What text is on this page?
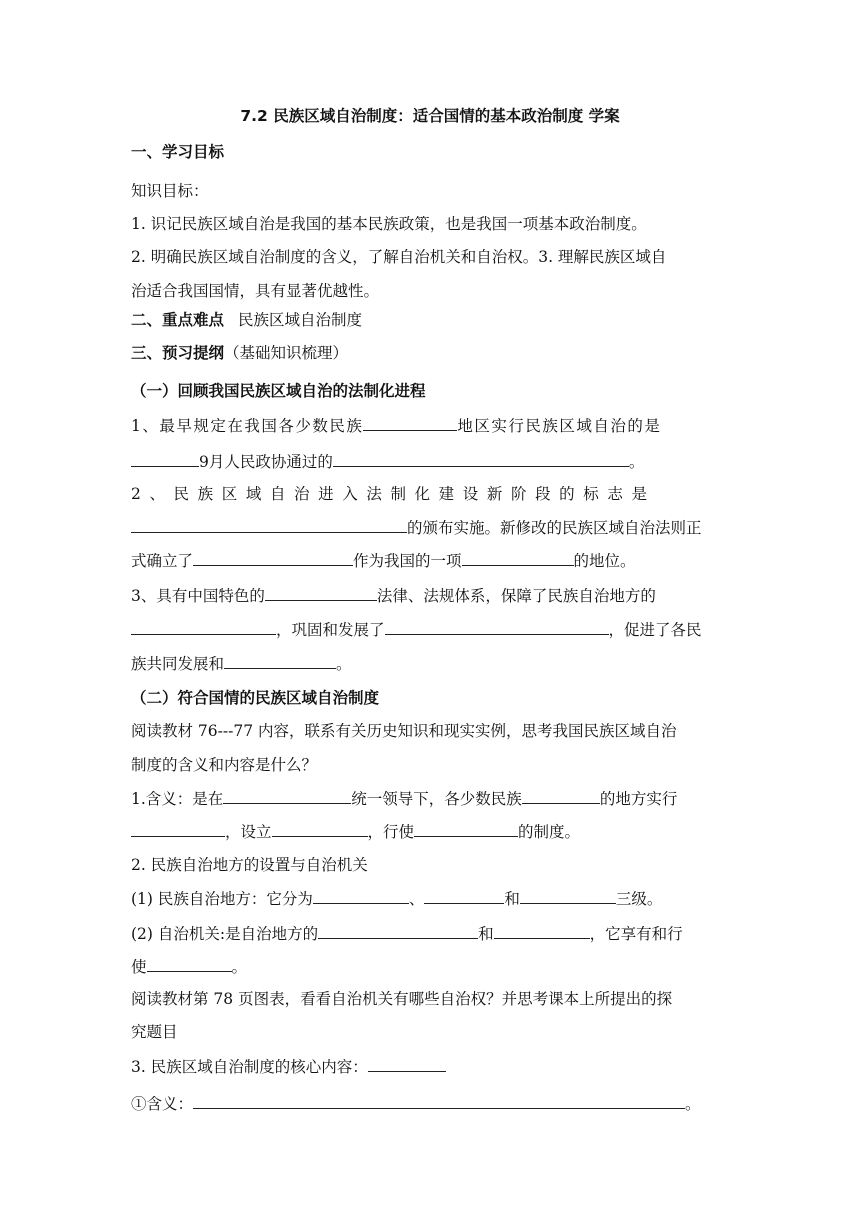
7.2 民族区域自治制度：适合国情的基本政治制度 学案
一、学习目标
知识目标：
1. 识记民族区域自治是我国的基本民族政策，也是我国一项基本政治制度。
2. 明确民族区域自治制度的含义，了解自治机关和自治权。3. 理解民族区域自
治适合我国国情，具有显著优越性。
二、重点难点 民族区域自治制度
三、预习提纲（基础知识梳理）
（一）回顾我国民族区域自治的法制化进程
1、最早规定在我国各少数民族	地区实行民族区域自治的是
9月人民政协通过的	。
2、民族区域自治进入法制化建设新阶段的标志是
的颁布实施。新修改的民族区域自治法则正
式确立了	作为我国的一项	的地位。
3、具有中国特色的	法律、法规体系，保障了民族自治地方的
，巩固和发展了	，促进了各民
族共同发展和	。
（二）符合国情的民族区域自治制度
阅读教材 76---77 内容，联系有关历史知识和现实实例，思考我国民族区域自治
制度的含义和内容是什么？
1.含义：是在	统一领导下，各少数民族	的地方实行
，设立	，行使	的制度。
2. 民族自治地方的设置与自治机关
(1) 民族自治地方：它分为	、	和	三级。
(2) 自治机关:是自治地方的	和	，它享有和行
使	。
阅读教材第 78 页图表，看看自治机关有哪些自治权？并思考课本上所提出的探
究题目
3. 民族区域自治制度的核心内容：
①含义：	。
